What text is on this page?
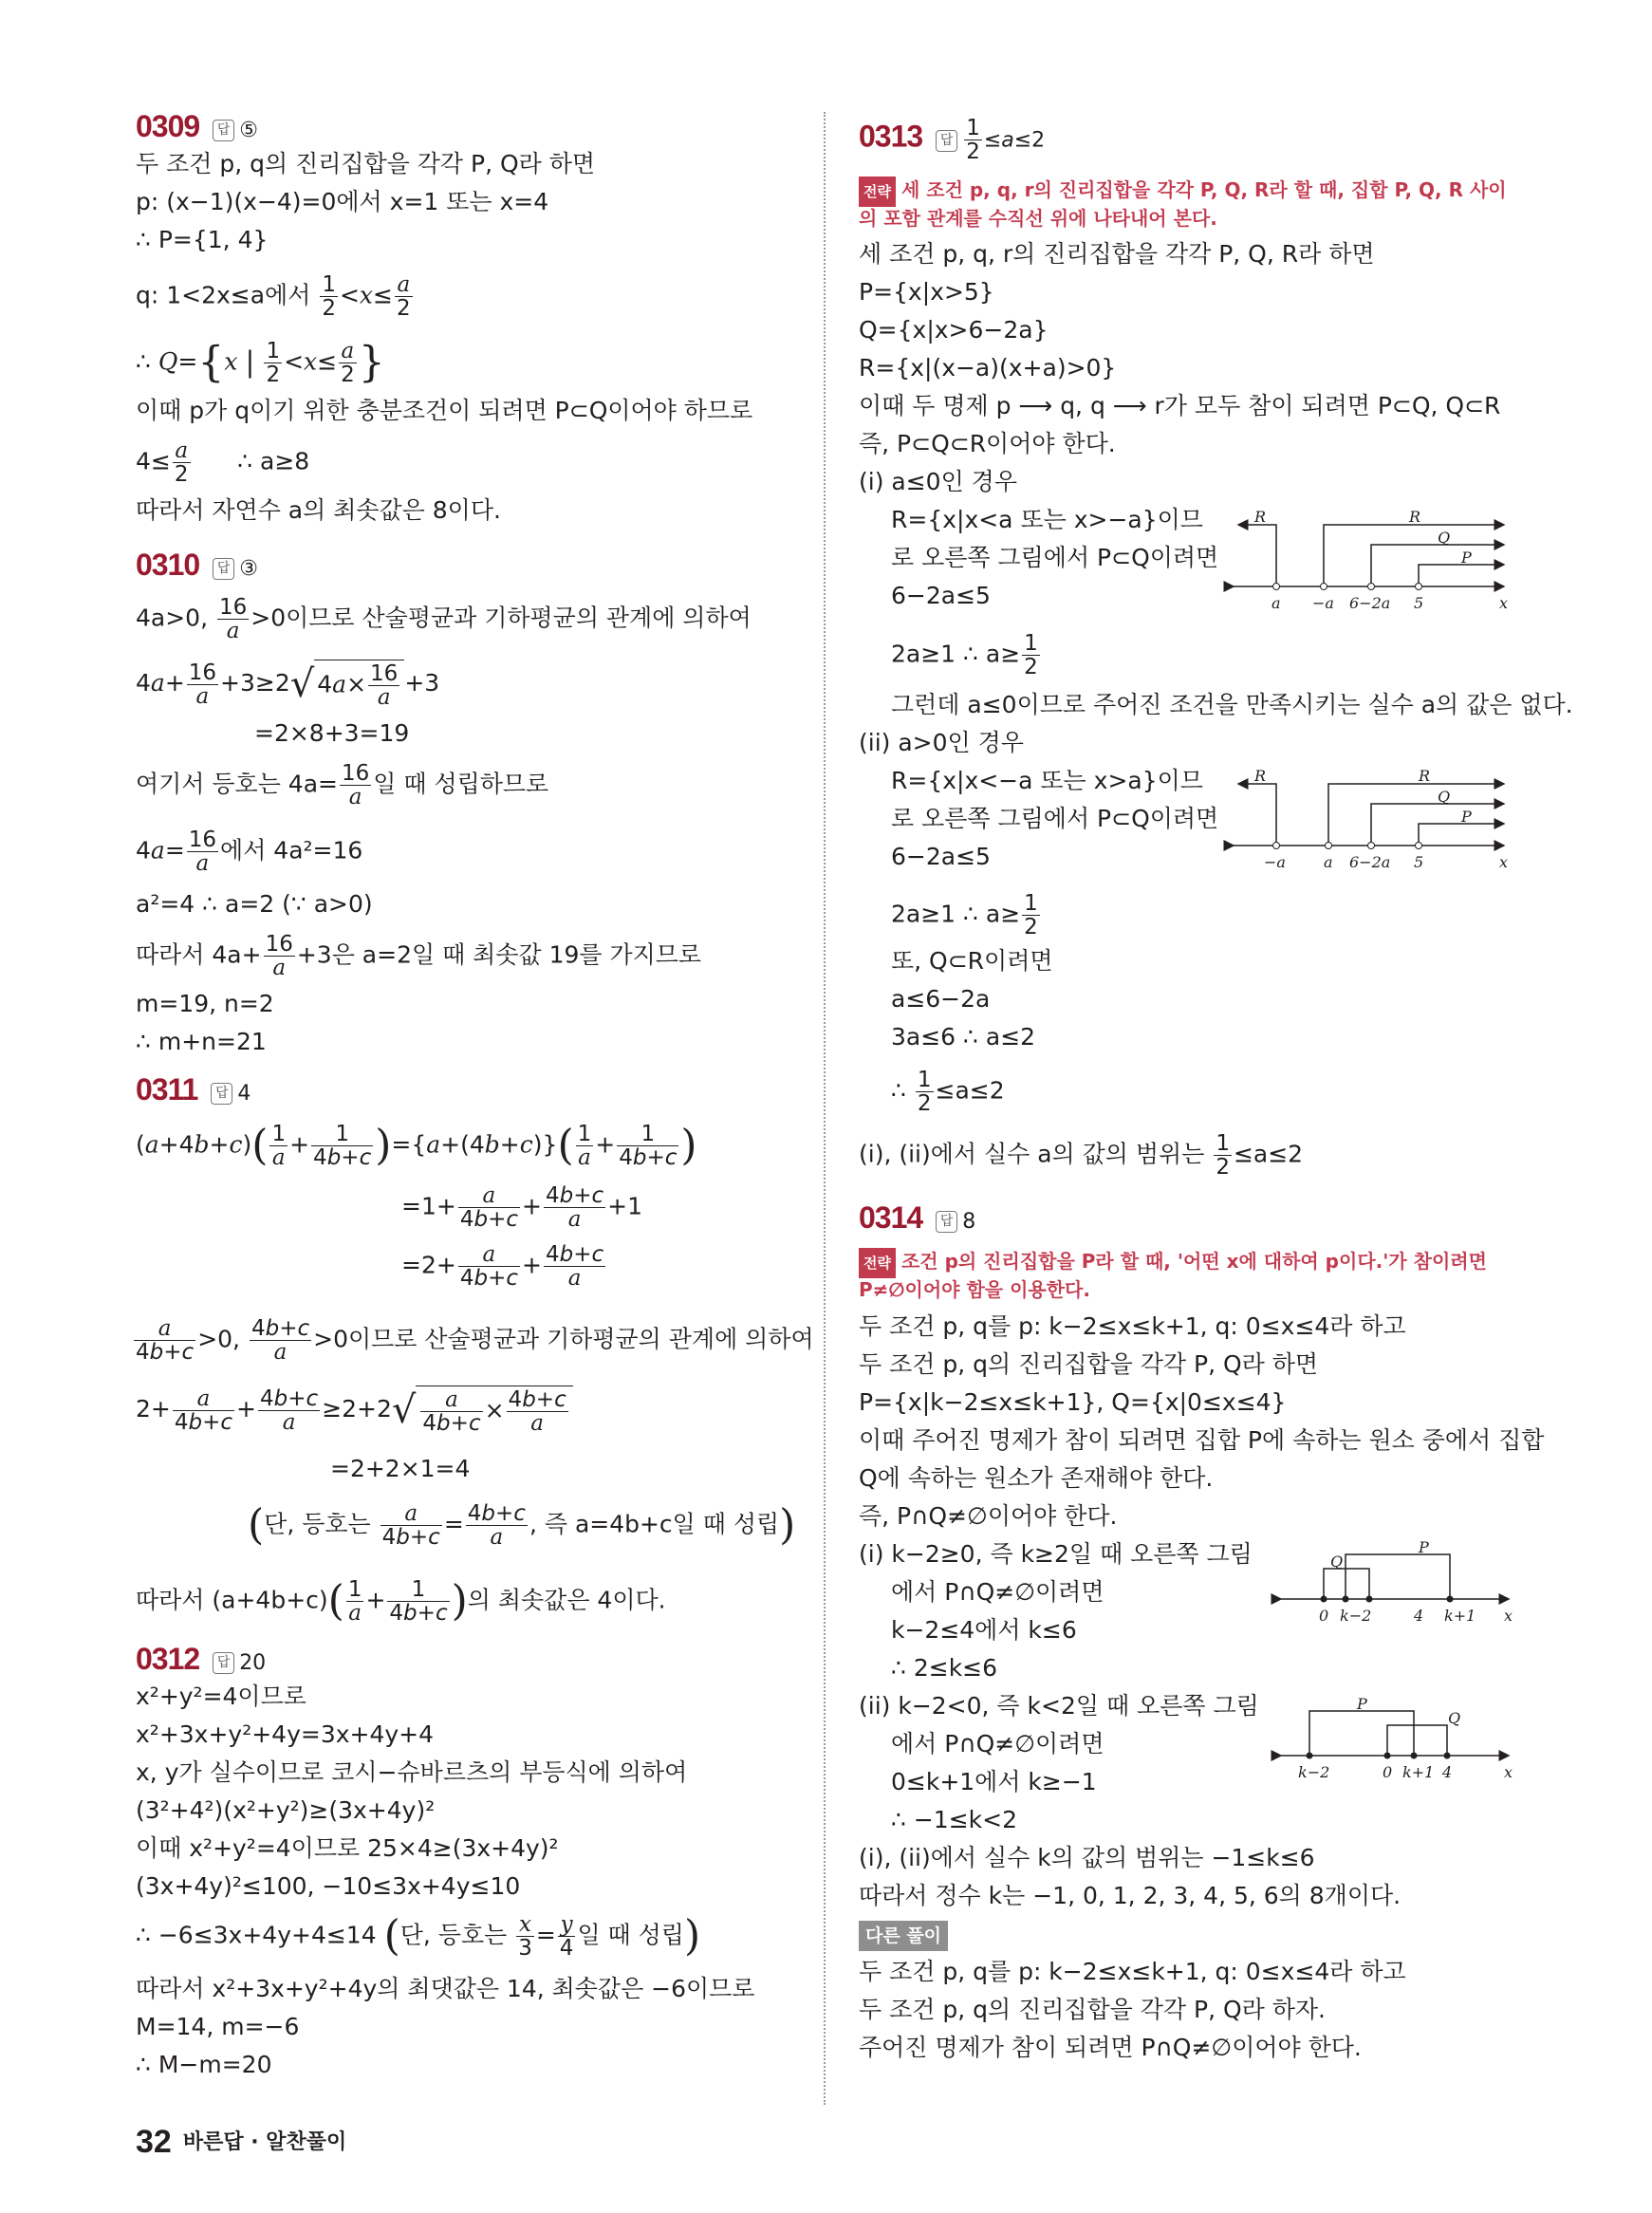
0309 답 ⑤
두 조건 p, q의 진리집합을 각각 P, Q라 하면
p: (x−1)(x−4)=0에서 x=1 또는 x=4
∴ P={1, 4}
q: 1<2x≤a에서 $\frac{1}{2} <x\le \frac{a}{2}$
∴ Q={x | $\frac{1}{2} <x\le \frac{a}{2}$ }
이때 p가 q이기 위한 충분조건이 되려면 P⊂Q이어야 하므로
$4\le \frac{a}{2}$ ∴ a≥8
따라서 자연수 a의 최솟값은 8이다.
0310 답 ③
4a>0, $\frac{16}{a} >0$이므로 산술평균과 기하평균의 관계에 의하여
$4a+ \frac{16}{a} +3\ge 2√$ $4a\times \frac{16}{a} +3$
=2×8+3=19
여기서 등호는 $4a= \frac{16}{a}$ 일 때 성립하므로
$4a= \frac{16}{a}$ 에서 4a²=16
a²=4 ∴ a=2 (∵ a>0)
따라서 $4a+ \frac{16}{a} +3$은 a=2일 때 최솟값 19를 가지므로
m=19, n=2
∴ m+n=21
0311 답 4
$(a+4b+c)( \frac{1}{a} + \frac{1}{4b+c} )=\{a+(4b+c)\}( \frac{1}{a} + \frac{1}{4b+c}$ )
$=1+ \frac{a}{4b+c} + \frac{4b+c}{a} +1$
$=2+ \frac{a}{4b+c} + \frac{4b+c}{a}$
$\frac{a}{4b+c} >0$, $\frac{4b+c}{a} >0$이므로 산술평균과 기하평균의 관계에 의하여
$2+ \frac{a}{4b+c} + \frac{4b+c}{a} \ge 2+2√ \frac{a}{4b+c} \times \frac{4b+c}{a}$
=2+2×1=4
(단, 등호는 $\frac{a}{4b+c} = \frac{4b+c}{a}$ , 즉 a=4b+c일 때 성립)
따라서 $(a+4b+c)( \frac{1}{a} + \frac{1}{4b+c}$ )의 최솟값은 4이다.
0312 답 20
x²+y²=4이므로
x²+3x+y²+4y=3x+4y+4
x, y가 실수이므로 코시−슈바르츠의 부등식에 의하여
(3²+4²)(x²+y²)≥(3x+4y)²
이때 x²+y²=4이므로 25×4≥(3x+4y)²
(3x+4y)²≤100, −10≤3x+4y≤10
∴ −6≤3x+4y+4≤14 (단, 등호는 $\frac{x}{3} = \frac{y}{4}$ 일 때 성립)
따라서 x²+3x+y²+4y의 최댓값은 14, 최솟값은 −6이므로
M=14, m=−6
∴ M−m=20
0313 답 $\frac{1}{2} \le a\le 2$
전략 세 조건 p, q, r의 진리집합을 각각 P, Q, R라 할 때, 집합 P, Q, R 사이
의 포함 관계를 수직선 위에 나타내어 본다.
세 조건 p, q, r의 진리집합을 각각 P, Q, R라 하면
P={x|x>5}
Q={x|x>6−2a}
R={x|(x−a)(x+a)>0}
이때 두 명제 p ⟶ q, q ⟶ r가 모두 참이 되려면 P⊂Q, Q⊂R
즉, P⊂Q⊂R이어야 한다.
(i) a≤0인 경우
R={x|x<a 또는 x>−a}이므
로 오른쪽 그림에서 P⊂Q이려면
6−2a≤5
2a≥1 ∴ $a\ge \frac{1}{2}$
그런데 a≤0이므로 주어진 조건을 만족시키는 실수 a의 값은 없다.
(ii) a>0인 경우
R={x|x<−a 또는 x>a}이므
로 오른쪽 그림에서 P⊂Q이려면
6−2a≤5
2a≥1 ∴ $a\ge \frac{1}{2}$
또, Q⊂R이려면
a≤6−2a
3a≤6 ∴ a≤2
∴ $\frac{1}{2} \le a\le 2$
(i), (ii)에서 실수 a의 값의 범위는 $\frac{1}{2} \le a\le 2$
a −a 6−2a 5	x
R	R
Q
P
−a	a 6−2a 5	x
R	R
Q
P
0314 답 8
전략 조건 p의 진리집합을 P라 할 때, '어떤 x에 대하여 p이다.'가 참이려면
P≠∅이어야 함을 이용한다.
두 조건 p, q를 p: k−2≤x≤k+1, q: 0≤x≤4라 하고
두 조건 p, q의 진리집합을 각각 P, Q라 하면
P={x|k−2≤x≤k+1}, Q={x|0≤x≤4}
이때 주어진 명제가 참이 되려면 집합 P에 속하는 원소 중에서 집합
Q에 속하는 원소가 존재해야 한다.
즉, P∩Q≠∅이어야 한다.
(i) k−2≥0, 즉 k≥2일 때 오른쪽 그림
에서 P∩Q≠∅이려면
k−2≤4에서 k≤6
∴ 2≤k≤6
(ii) k−2<0, 즉 k<2일 때 오른쪽 그림
에서 P∩Q≠∅이려면
0≤k+1에서 k≥−1
∴ −1≤k<2
(i), (ii)에서 실수 k의 값의 범위는 −1≤k≤6
따라서 정수 k는 −1, 0, 1, 2, 3, 4, 5, 6의 8개이다.
다른 풀이
두 조건 p, q를 p: k−2≤x≤k+1, q: 0≤x≤4라 하고
두 조건 p, q의 진리집합을 각각 P, Q라 하자.
주어진 명제가 참이 되려면 P∩Q≠∅이어야 한다.
0 k−2	4 k+1 x
P
Q
k−2	0 k+1 4	x
P
Q
32 바른답 · 알찬풀이
